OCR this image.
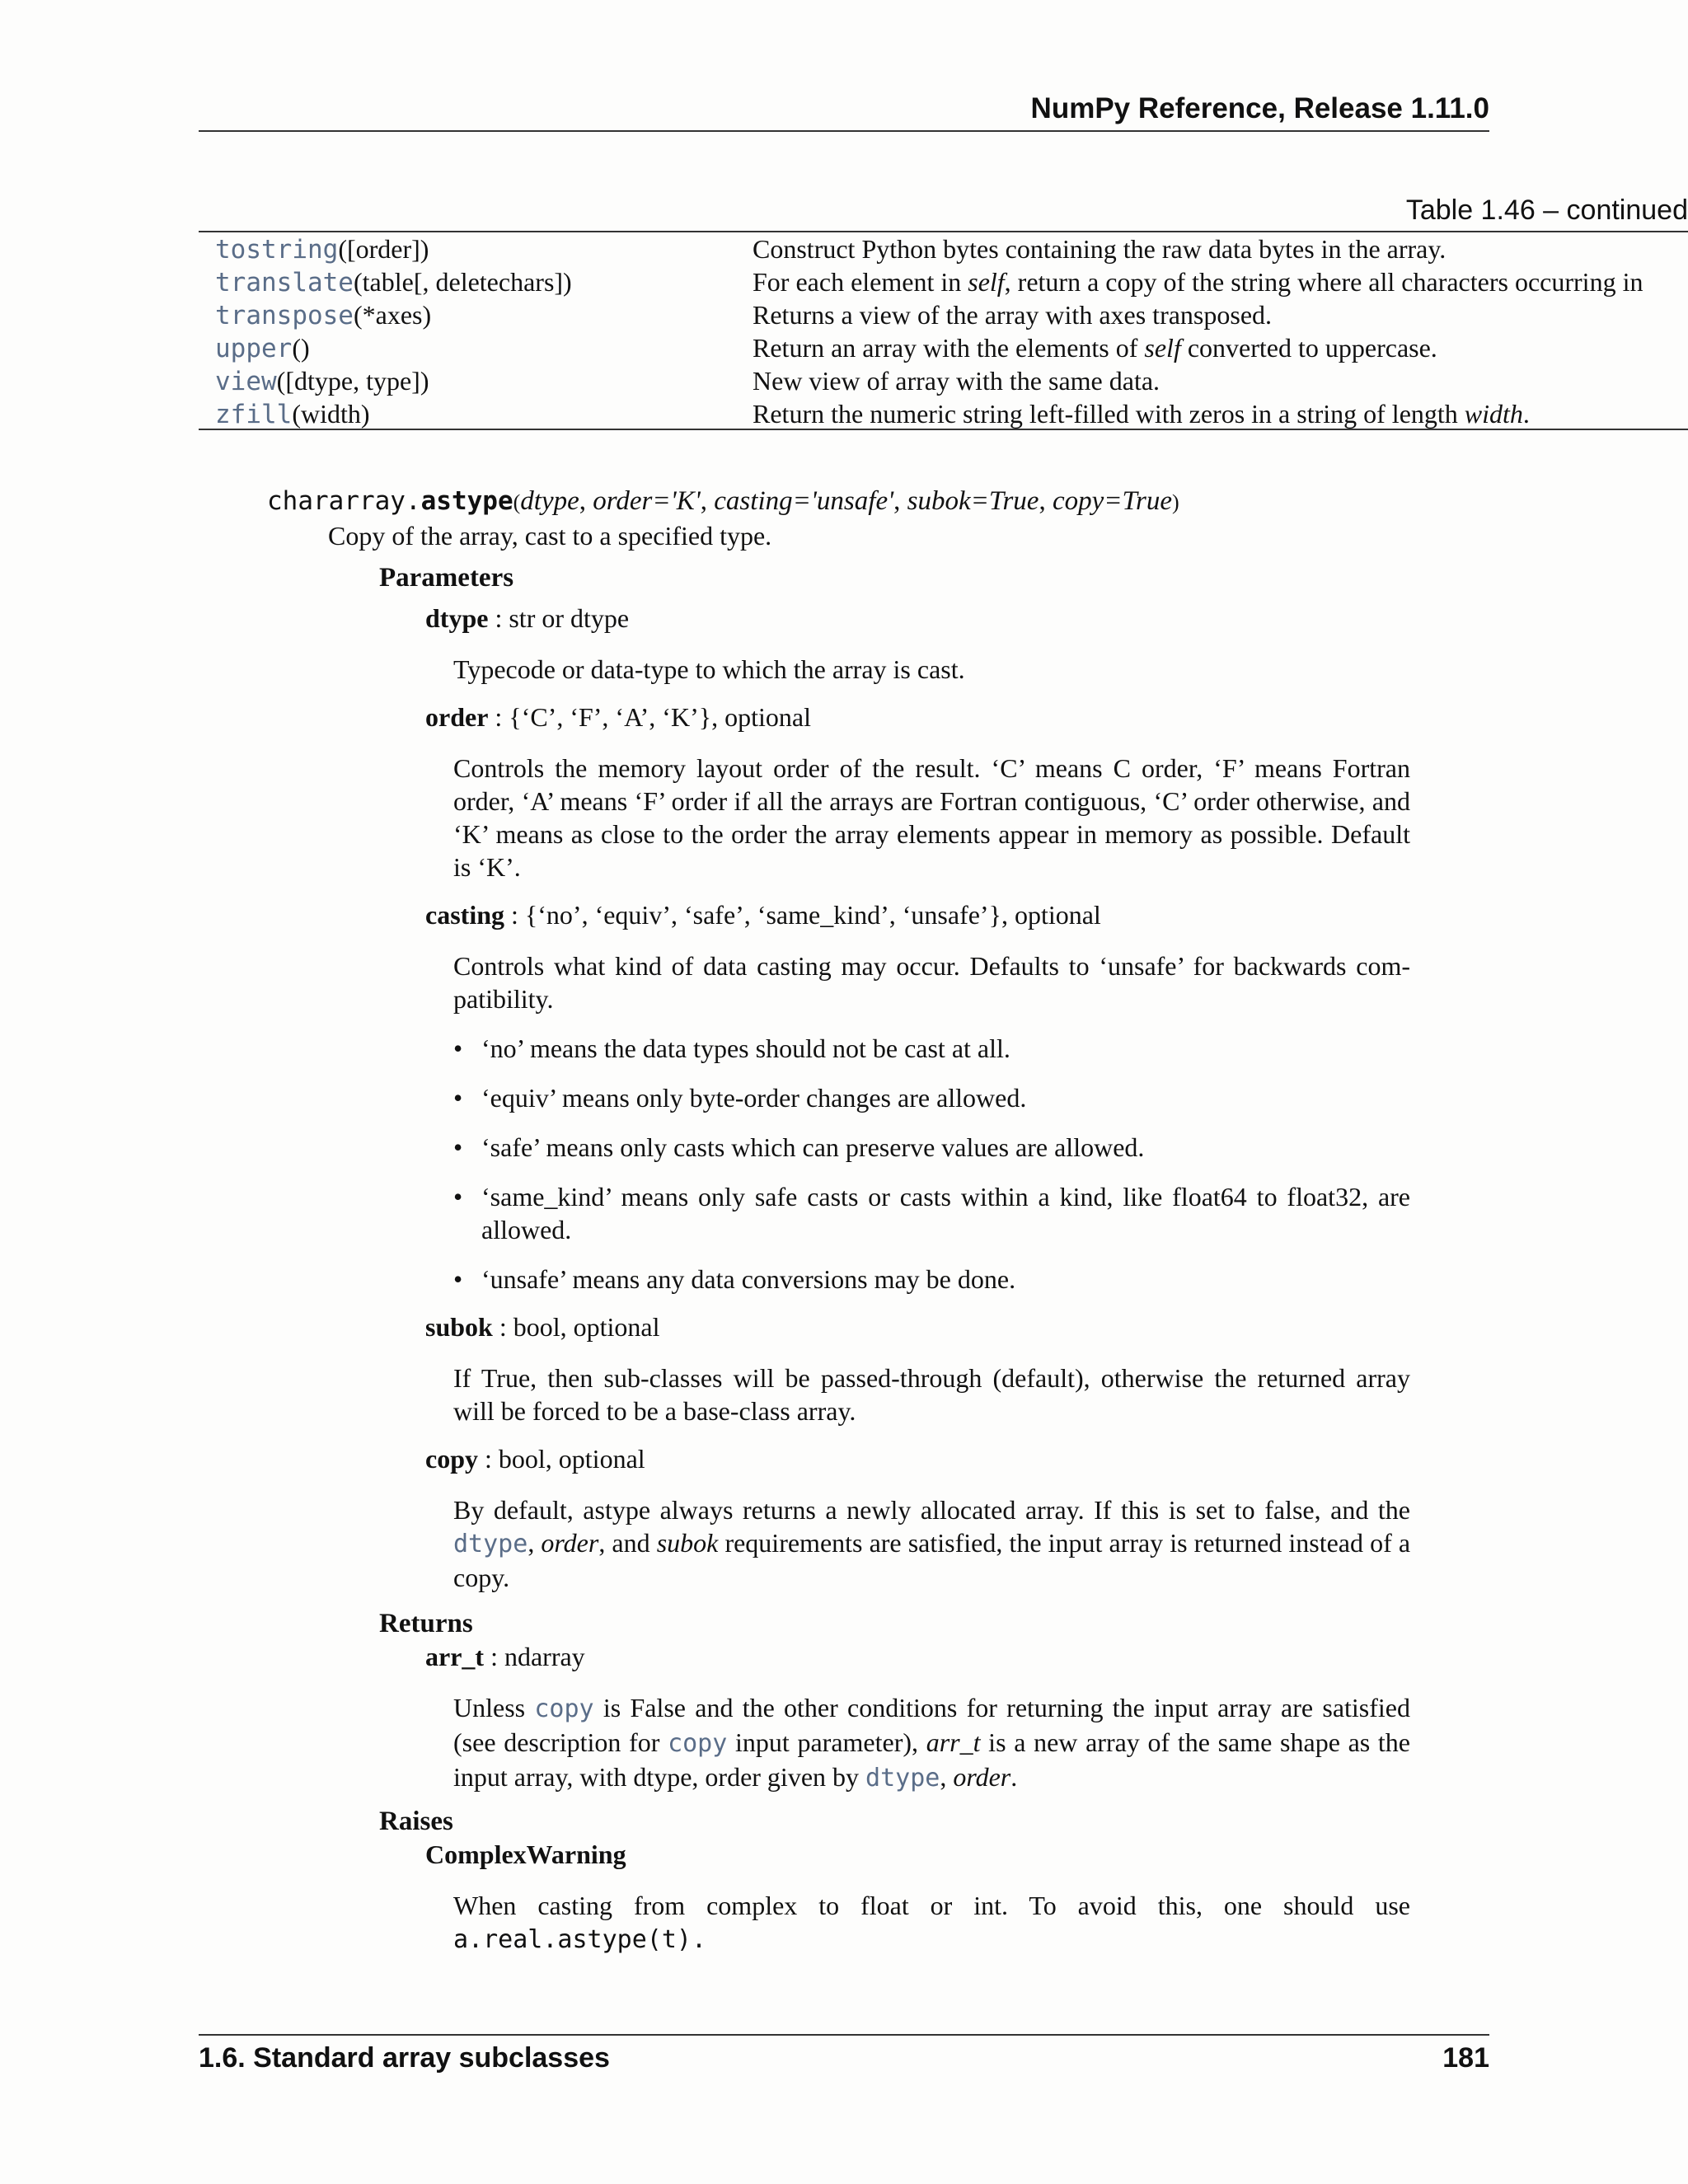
NumPy Reference, Release 1.11.0
Table 1.46 – continued
tostring([order])	Construct Python bytes containing the raw data bytes in the array.
translate(table[, deletechars])	For each element in self, return a copy of the string where all characters occurring in
transpose(*axes)	Returns a view of the array with axes transposed.
upper()	Return an array with the elements of self converted to uppercase.
view([dtype, type])	New view of array with the same data.
zfill(width)	Return the numeric string left-filled with zeros in a string of length width.
chararray.astype(dtype, order='K', casting='unsafe', subok=True, copy=True)
Copy of the array, cast to a specified type.
Parameters
dtype : str or dtype
Typecode or data-type to which the array is cast.
order : {‘C’, ‘F’, ‘A’, ‘K’}, optional
Controls the memory layout order of the result. ‘C’ means C order, ‘F’ means Fortran order, ‘A’ means ‘F’ order if all the arrays are Fortran contiguous, ‘C’ order otherwise, and ‘K’ means as close to the order the array elements appear in memory as possible. Default is ‘K’.
casting : {‘no’, ‘equiv’, ‘safe’, ‘same_kind’, ‘unsafe’}, optional
Controls what kind of data casting may occur. Defaults to ‘unsafe’ for backwards com-patibility.
• ‘no’ means the data types should not be cast at all.
• ‘equiv’ means only byte-order changes are allowed.
• ‘safe’ means only casts which can preserve values are allowed.
• ‘same_kind’ means only safe casts or casts within a kind, like float64 to float32, are allowed.
• ‘unsafe’ means any data conversions may be done.
subok : bool, optional
If True, then sub-classes will be passed-through (default), otherwise the returned array will be forced to be a base-class array.
copy : bool, optional
By default, astype always returns a newly allocated array. If this is set to false, and the dtype, order, and subok requirements are satisfied, the input array is returned instead of a copy.
Returns
arr_t : ndarray
Unless copy is False and the other conditions for returning the input array are satisfied (see description for copy input parameter), arr_t is a new array of the same shape as the input array, with dtype, order given by dtype, order.
Raises
ComplexWarning
When casting from complex to float or int. To avoid this, one should use a.real.astype(t).
1.6. Standard array subclasses	181
